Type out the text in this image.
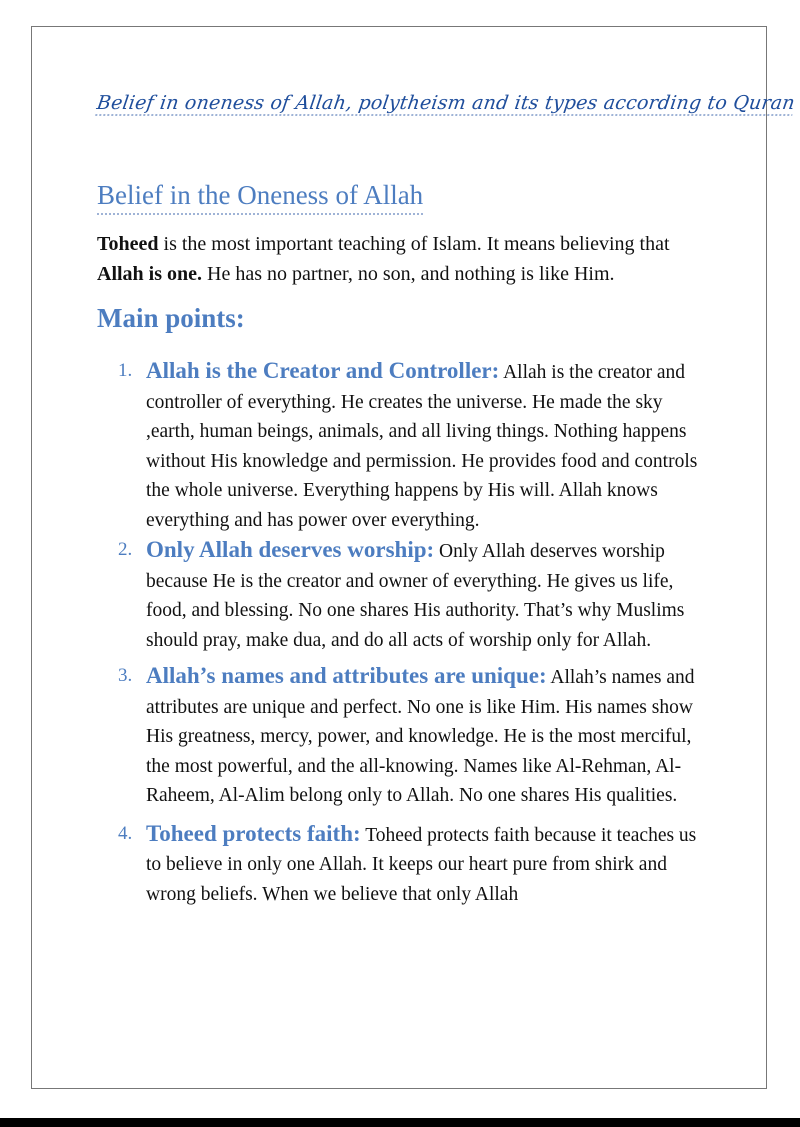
Belief in oneness of Allah, polytheism and its types according to Quran
Belief in the Oneness of Allah
Toheed is the most important teaching of Islam. It means believing that Allah is one. He has no partner, no son, and nothing is like Him.
Main points:
1. Allah is the Creator and Controller: Allah is the creator and controller of everything. He creates the universe. He made the sky ,earth, human beings, animals, and all living things. Nothing happens without His knowledge and permission. He provides food and controls the whole universe. Everything happens by His will. Allah knows everything and has power over everything.
2. Only Allah deserves worship: Only Allah deserves worship because He is the creator and owner of everything. He gives us life, food, and blessing. No one shares His authority. That’s why Muslims should pray, make dua, and do all acts of worship only for Allah.
3. Allah’s names and attributes are unique: Allah’s names and attributes are unique and perfect. No one is like Him. His names show His greatness, mercy, power, and knowledge. He is the most merciful, the most powerful, and the all-knowing. Names like Al-Rehman, Al-Raheem, Al-Alim belong only to Allah. No one shares His qualities.
4. Toheed protects faith: Toheed protects faith because it teaches us to believe in only one Allah. It keeps our heart pure from shirk and wrong beliefs. When we believe that only Allah
